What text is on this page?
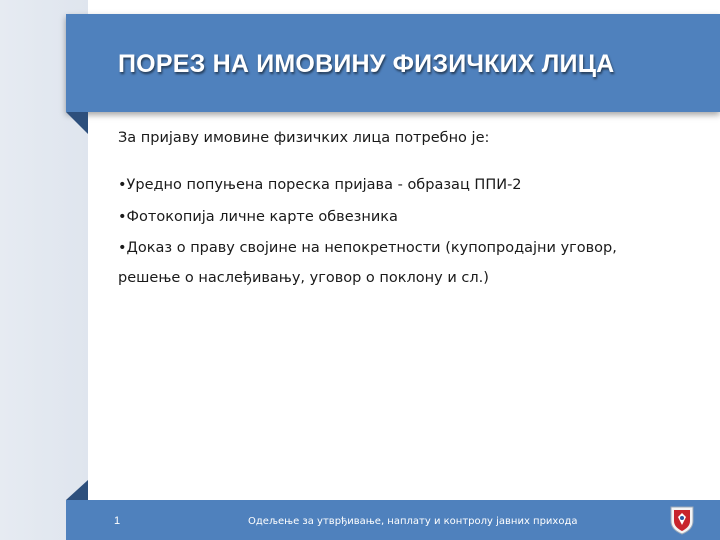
ПОРЕЗ НА ИМОВИНУ ФИЗИЧКИХ ЛИЦА

За пријаву имовине физичких лица потребно је:

•Уредно попуњена пореска пријава - образац ППИ-2

•Фотокопија личне карте обвезника

•Доказ о праву својине на непокретности (купопродајни уговор, решење о наслеђивању, уговор о поклону и сл.)

1	Одељење за утврђивање, наплату и контролу јавних прихода
